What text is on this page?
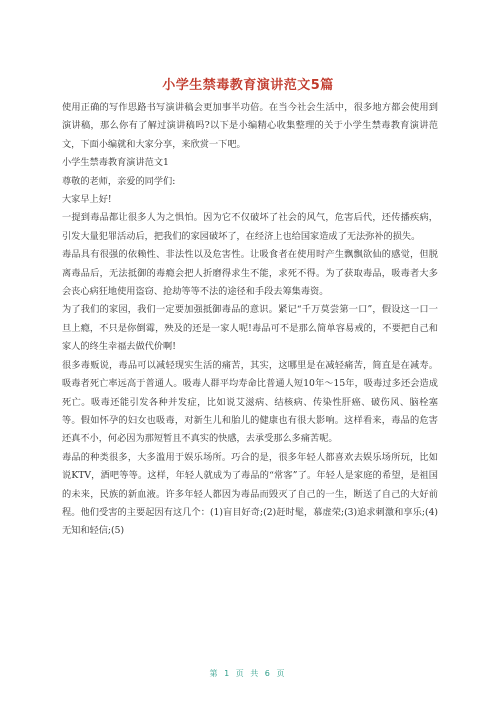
小学生禁毒教育演讲范文5篇

使用正确的写作思路书写演讲稿会更加事半功倍。在当今社会生活中，很多地方都会使用到演讲稿，那么你有了解过演讲稿吗?以下是小编精心收集整理的关于小学生禁毒教育演讲范文，下面小编就和大家分享，来欣赏一下吧。

小学生禁毒教育演讲范文1

尊敬的老师，亲爱的同学们:

大家早上好!

一提到毒品都让很多人为之惧怕。因为它不仅破坏了社会的风气，危害后代，还传播疾病，引发大量犯罪活动后，把我们的家园破坏了，在经济上也给国家造成了无法弥补的损失。

毒品具有很强的依赖性、非法性以及危害性。让吸食者在使用时产生飘飘欲仙的感觉，但脱离毒品后，无法抵御的毒瘾会把人折磨得求生不能，求死不得。为了获取毒品，吸毒者大多会丧心病狂地使用盗窃、抢劫等等不法的途径和手段去筹集毒资。

为了我们的家园，我们一定要加强抵御毒品的意识。紧记“千万莫尝第一口”，假设这一口一旦上瘾，不只是你倒霉，殃及的还是一家人呢!毒品可不是那么简单容易戒的，不要把自己和家人的终生幸福去做代价啊!

很多毒贩说，毒品可以减轻现实生活的痛苦，其实，这哪里是在减轻痛苦，简直是在减寿。吸毒者死亡率远高于普通人。吸毒人群平均寿命比普通人短10年～15年，吸毒过多还会造成死亡。吸毒还能引发各种并发症，比如说艾滋病、结核病、传染性肝癌、破伤风、脑栓塞等。假如怀孕的妇女也吸毒，对新生儿和胎儿的健康也有很大影响。这样看来，毒品的危害还真不小，何必因为那短暂且不真实的快感，去承受那么多痛苦呢。

毒品的种类很多，大多滥用于娱乐场所。巧合的是，很多年轻人都喜欢去娱乐场所玩，比如说KTV，酒吧等等。这样，年轻人就成为了毒品的“常客”了。年轻人是家庭的希望，是祖国的未来，民族的新血液。许多年轻人都因为毒品而毁灭了自己的一生，断送了自己的大好前程。他们受害的主要起因有这几个：(1)盲目好奇;(2)赶时髦，慕虚荣;(3)追求刺激和享乐;(4)无知和轻信;(5)

第 1 页 共 6 页
